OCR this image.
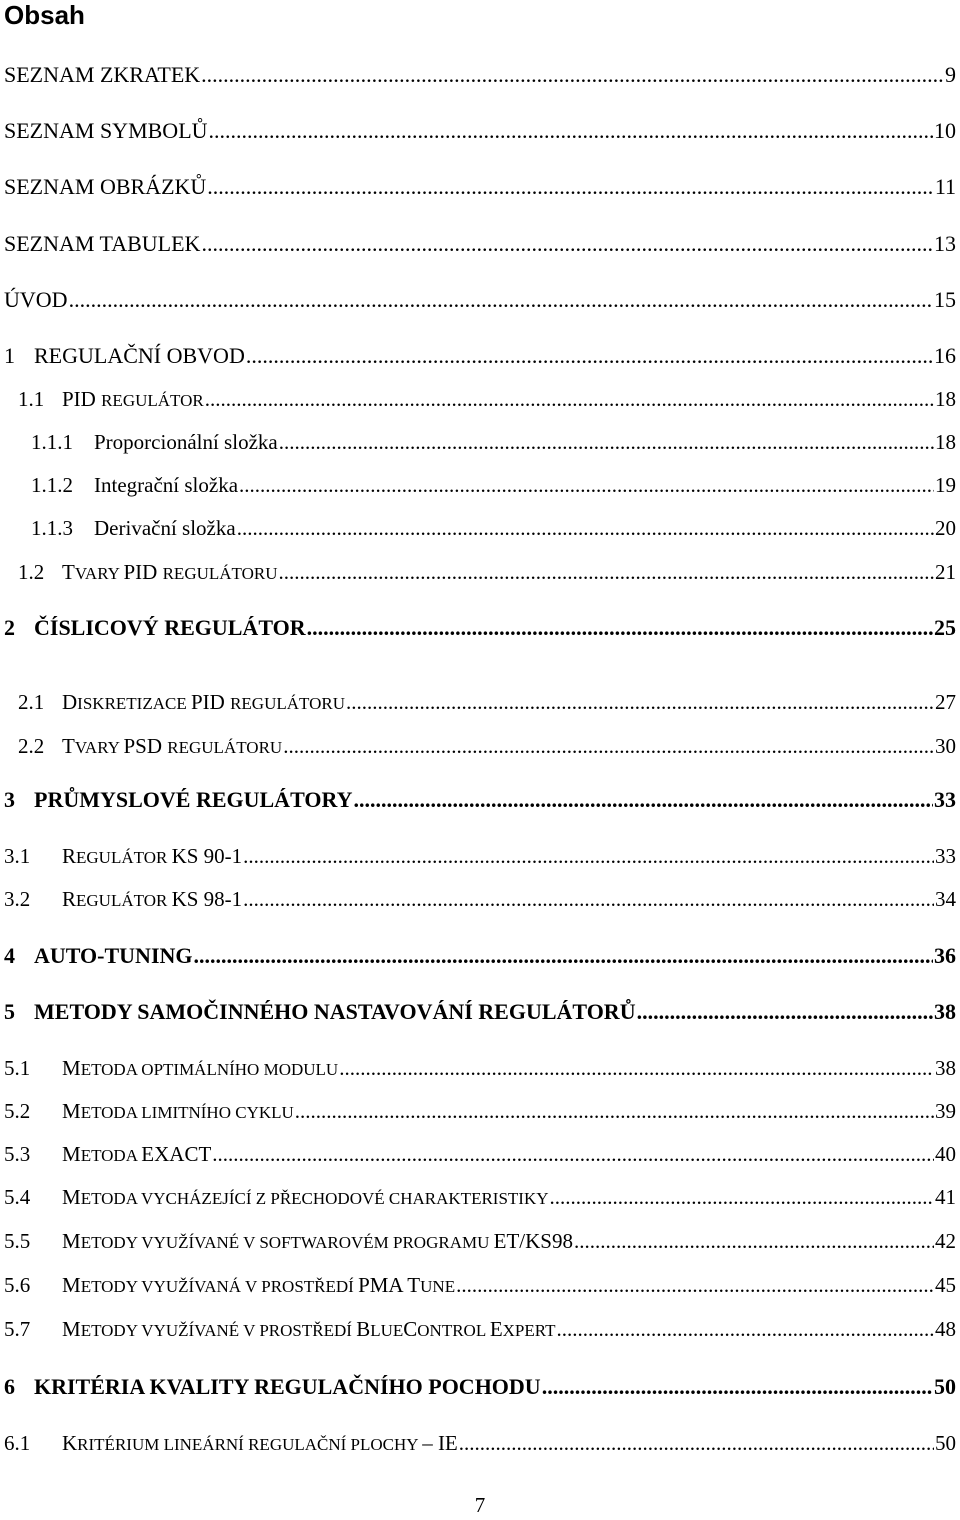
Obsah
SEZNAM ZKRATEK .....	9
SEZNAM SYMBOLŮ .....	10
SEZNAM OBRÁZKŮ .....	11
SEZNAM TABULEK .....	13
ÚVOD .....	15
1 REGULAČNÍ OBVOD .....	16
1.1 PID REGULÁTOR .....	18
1.1.1	Proporcionální složka .....	18
1.1.2	Integrační složka .....	19
1.1.3	Derivační složka .....	20
1.2 TVARY PID REGULÁTORU .....	21
2 ČÍSLICOVÝ REGULÁTOR .....	25
2.1 DISKRETIZACE PID REGULÁTORU .....	27
2.2 TVARY PSD REGULÁTORU .....	30
3 PRŮMYSLOVÉ REGULÁTORY .....	33
3.1	REGULÁTOR KS 90-1 .....	33
3.2	REGULÁTOR KS 98-1 .....	34
4 AUTO-TUNING .....	36
5 METODY SAMOČINNÉHO NASTAVOVÁNÍ REGULÁTORŮ .....	38
5.1	METODA OPTIMÁLNÍHO MODULU .....	38
5.2	METODA LIMITNÍHO CYKLU .....	39
5.3	METODA EXACT .....	40
5.4	METODA VYCHÁZEJÍCÍ Z PŘECHODOVÉ CHARAKTERISTIKY .....	41
5.5	METODY VYUŽÍVANÉ V SOFTWAROVÉM PROGRAMU ET/KS98 .....	42
5.6	METODY VYUŽÍVANÁ V PROSTŘEDÍ PMA TUNE .....	45
5.7	METODY VYUŽÍVANÉ V PROSTŘEDÍ BLUECONTROL EXPERT .....	48
6 KRITÉRIA KVALITY REGULAČNÍHO POCHODU .....	50
6.1	KRITÉRIUM LINEÁRNÍ REGULAČNÍ PLOCHY – IE .....	50
7
